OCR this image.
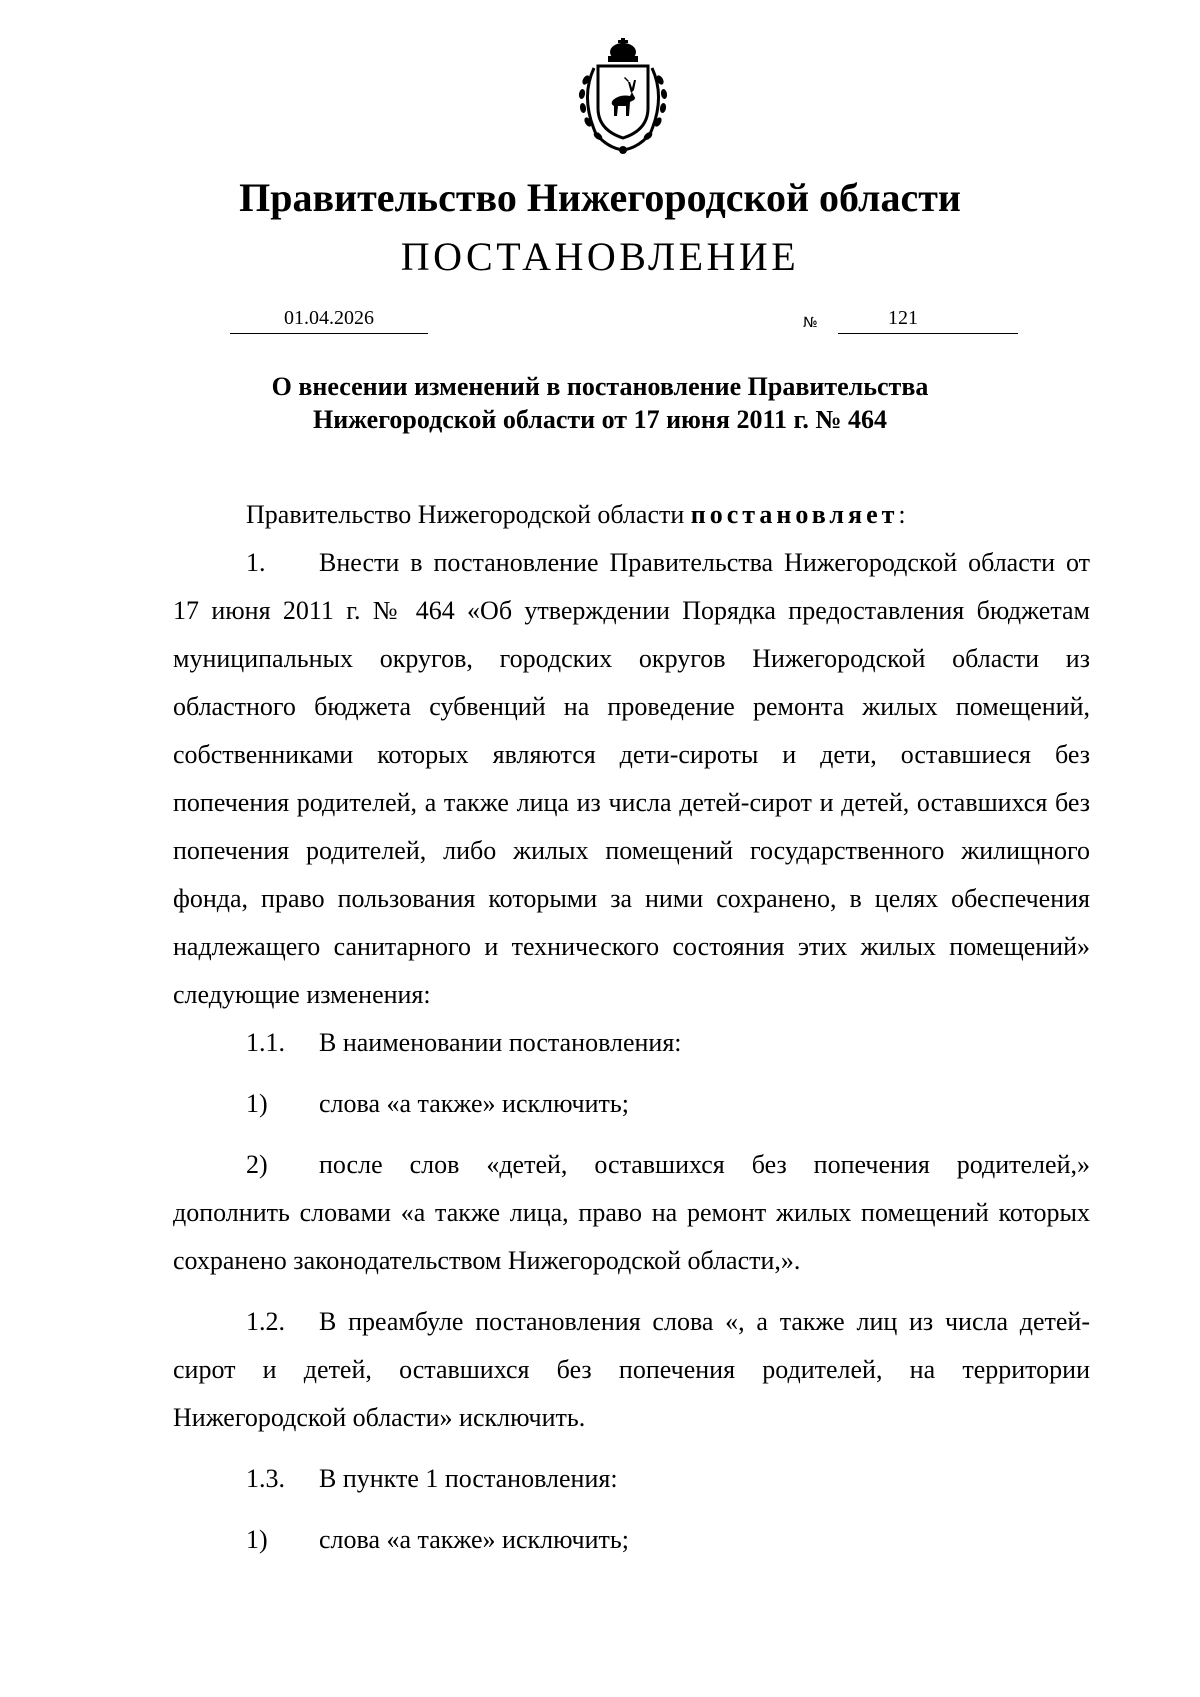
Правительство Нижегородской области
ПОСТАНОВЛЕНИЕ
01.04.2026	№	121
О внесении изменений в постановление Правительства
Нижегородской области от 17 июня 2011 г. № 464

Правительство Нижегородской области постановляет:

1. Внести в постановление Правительства Нижегородской области от 17 июня 2011 г. № 464 «Об утверждении Порядка предоставления бюджетам муниципальных округов, городских округов Нижегородской области из областного бюджета субвенций на проведение ремонта жилых помещений, собственниками которых являются дети-сироты и дети, оставшиеся без попечения родителей, а также лица из числа детей-сирот и детей, оставшихся без попечения родителей, либо жилых помещений государственного жилищного фонда, право пользования которыми за ними сохранено, в целях обеспечения надлежащего санитарного и технического состояния этих жилых помещений» следующие изменения:

1.1. В наименовании постановления:

1) слова «а также» исключить;

2) после слов «детей, оставшихся без попечения родителей,» дополнить словами «а также лица, право на ремонт жилых помещений которых сохранено законодательством Нижегородской области,».

1.2. В преамбуле постановления слова «, а также лиц из числа детей-сирот и детей, оставшихся без попечения родителей, на территории Нижегородской области» исключить.

1.3. В пункте 1 постановления:

1) слова «а также» исключить;
